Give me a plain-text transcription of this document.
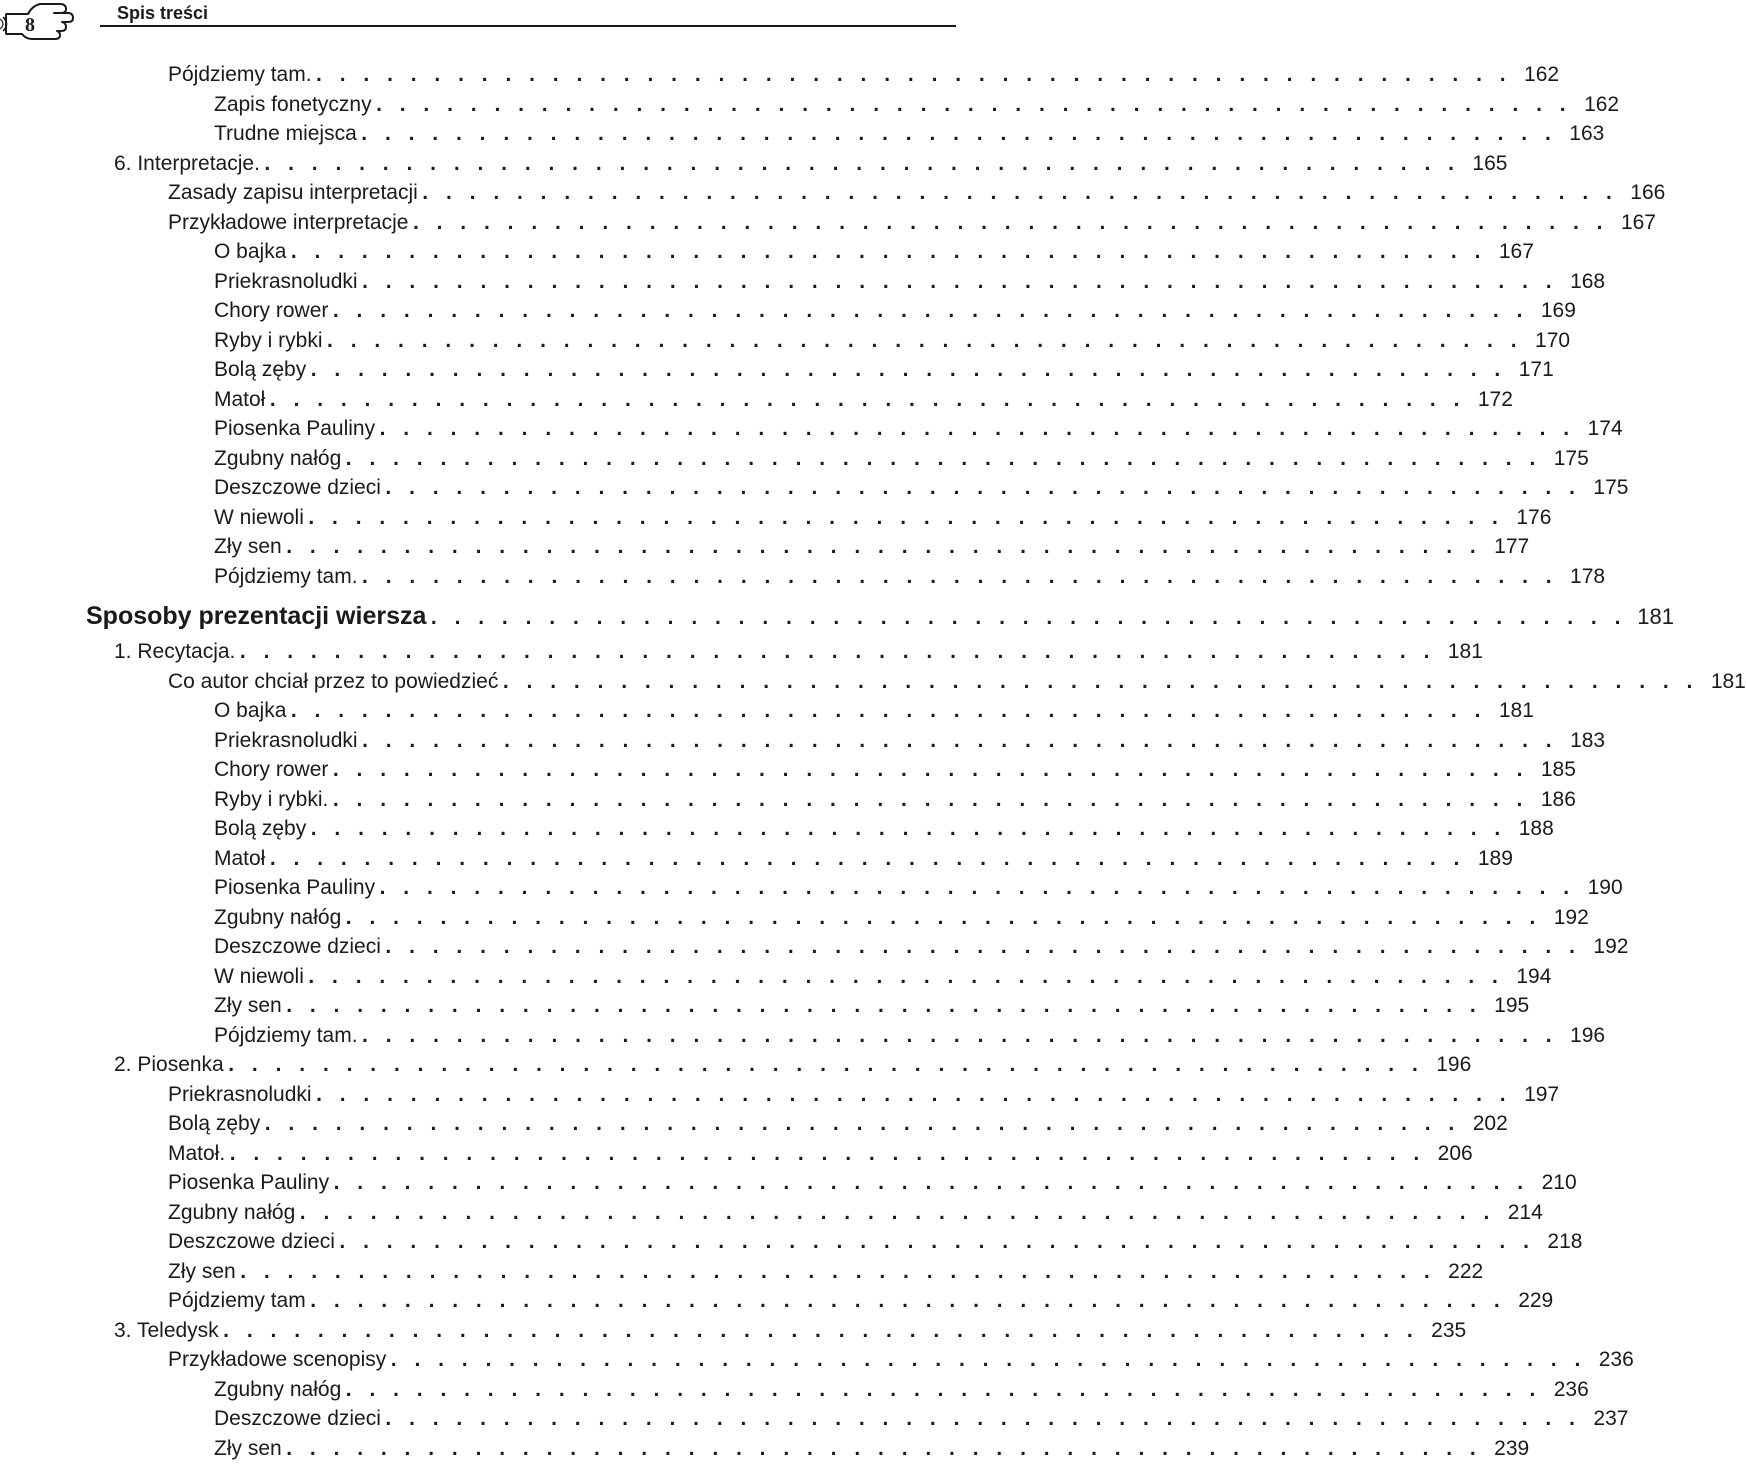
8
Spis treści
Pójdziemy tam. . . . . . . . . . . . . . . . . . . . . . . . . . . . . . . . . . . . . . . . . . . . . . . . . . . . 162
Zapis fonetyczny . . . . . . . . . . . . . . . . . . . . . . . . . . . . . . . . . . . . . . . . . . . . . . . . . . . 162
Trudne miejsca . . . . . . . . . . . . . . . . . . . . . . . . . . . . . . . . . . . . . . . . . . . . . . . . . . . 163
6. Interpretacje. . . . . . . . . . . . . . . . . . . . . . . . . . . . . . . . . . . . . . . . . . . . . . . . . . . . 165
Zasady zapisu interpretacji . . . . . . . . . . . . . . . . . . . . . . . . . . . . . . . . . . . . . . . . . . . . . . . . . . . 166
Przykładowe interpretacje . . . . . . . . . . . . . . . . . . . . . . . . . . . . . . . . . . . . . . . . . . . . . . . . . . . 167
O bajka . . . . . . . . . . . . . . . . . . . . . . . . . . . . . . . . . . . . . . . . . . . . . . . . . . . 167
Priekrasnoludki . . . . . . . . . . . . . . . . . . . . . . . . . . . . . . . . . . . . . . . . . . . . . . . . . . . 168
Chory rower . . . . . . . . . . . . . . . . . . . . . . . . . . . . . . . . . . . . . . . . . . . . . . . . . . . 169
Ryby i rybki . . . . . . . . . . . . . . . . . . . . . . . . . . . . . . . . . . . . . . . . . . . . . . . . . . . 170
Bolą zęby . . . . . . . . . . . . . . . . . . . . . . . . . . . . . . . . . . . . . . . . . . . . . . . . . . . 171
Matoł . . . . . . . . . . . . . . . . . . . . . . . . . . . . . . . . . . . . . . . . . . . . . . . . . . . 172
Piosenka Pauliny . . . . . . . . . . . . . . . . . . . . . . . . . . . . . . . . . . . . . . . . . . . . . . . . . . . 174
Zgubny nałóg . . . . . . . . . . . . . . . . . . . . . . . . . . . . . . . . . . . . . . . . . . . . . . . . . . . 175
Deszczowe dzieci . . . . . . . . . . . . . . . . . . . . . . . . . . . . . . . . . . . . . . . . . . . . . . . . . . . 175
W niewoli . . . . . . . . . . . . . . . . . . . . . . . . . . . . . . . . . . . . . . . . . . . . . . . . . . . 176
Zły sen . . . . . . . . . . . . . . . . . . . . . . . . . . . . . . . . . . . . . . . . . . . . . . . . . . . 177
Pójdziemy tam. . . . . . . . . . . . . . . . . . . . . . . . . . . . . . . . . . . . . . . . . . . . . . . . . . . . 178
Sposoby prezentacji wiersza . . . . . . . . . . . . . . . . . . . . . . . . . . . . . . . . . . . . . . . . . . . . . . . . . . . 181
1. Recytacja. . . . . . . . . . . . . . . . . . . . . . . . . . . . . . . . . . . . . . . . . . . . . . . . . . . . 181
Co autor chciał przez to powiedzieć . . . . . . . . . . . . . . . . . . . . . . . . . . . . . . . . . . . . . . . . . . . . . . . . . . . 181
O bajka . . . . . . . . . . . . . . . . . . . . . . . . . . . . . . . . . . . . . . . . . . . . . . . . . . . 181
Priekrasnoludki . . . . . . . . . . . . . . . . . . . . . . . . . . . . . . . . . . . . . . . . . . . . . . . . . . . 183
Chory rower . . . . . . . . . . . . . . . . . . . . . . . . . . . . . . . . . . . . . . . . . . . . . . . . . . . 185
Ryby i rybki. . . . . . . . . . . . . . . . . . . . . . . . . . . . . . . . . . . . . . . . . . . . . . . . . . . . 186
Bolą zęby . . . . . . . . . . . . . . . . . . . . . . . . . . . . . . . . . . . . . . . . . . . . . . . . . . . 188
Matoł . . . . . . . . . . . . . . . . . . . . . . . . . . . . . . . . . . . . . . . . . . . . . . . . . . . 189
Piosenka Pauliny . . . . . . . . . . . . . . . . . . . . . . . . . . . . . . . . . . . . . . . . . . . . . . . . . . . 190
Zgubny nałóg . . . . . . . . . . . . . . . . . . . . . . . . . . . . . . . . . . . . . . . . . . . . . . . . . . . 192
Deszczowe dzieci . . . . . . . . . . . . . . . . . . . . . . . . . . . . . . . . . . . . . . . . . . . . . . . . . . . 192
W niewoli . . . . . . . . . . . . . . . . . . . . . . . . . . . . . . . . . . . . . . . . . . . . . . . . . . . 194
Zły sen . . . . . . . . . . . . . . . . . . . . . . . . . . . . . . . . . . . . . . . . . . . . . . . . . . . 195
Pójdziemy tam. . . . . . . . . . . . . . . . . . . . . . . . . . . . . . . . . . . . . . . . . . . . . . . . . . . . 196
2. Piosenka . . . . . . . . . . . . . . . . . . . . . . . . . . . . . . . . . . . . . . . . . . . . . . . . . . . 196
Priekrasnoludki . . . . . . . . . . . . . . . . . . . . . . . . . . . . . . . . . . . . . . . . . . . . . . . . . . . 197
Bolą zęby . . . . . . . . . . . . . . . . . . . . . . . . . . . . . . . . . . . . . . . . . . . . . . . . . . . 202
Matoł. . . . . . . . . . . . . . . . . . . . . . . . . . . . . . . . . . . . . . . . . . . . . . . . . . . . 206
Piosenka Pauliny . . . . . . . . . . . . . . . . . . . . . . . . . . . . . . . . . . . . . . . . . . . . . . . . . . . 210
Zgubny nałóg . . . . . . . . . . . . . . . . . . . . . . . . . . . . . . . . . . . . . . . . . . . . . . . . . . . 214
Deszczowe dzieci . . . . . . . . . . . . . . . . . . . . . . . . . . . . . . . . . . . . . . . . . . . . . . . . . . . 218
Zły sen . . . . . . . . . . . . . . . . . . . . . . . . . . . . . . . . . . . . . . . . . . . . . . . . . . . 222
Pójdziemy tam . . . . . . . . . . . . . . . . . . . . . . . . . . . . . . . . . . . . . . . . . . . . . . . . . . . 229
3. Teledysk . . . . . . . . . . . . . . . . . . . . . . . . . . . . . . . . . . . . . . . . . . . . . . . . . . . 235
Przykładowe scenopisy . . . . . . . . . . . . . . . . . . . . . . . . . . . . . . . . . . . . . . . . . . . . . . . . . . . 236
Zgubny nałóg . . . . . . . . . . . . . . . . . . . . . . . . . . . . . . . . . . . . . . . . . . . . . . . . . . . 236
Deszczowe dzieci . . . . . . . . . . . . . . . . . . . . . . . . . . . . . . . . . . . . . . . . . . . . . . . . . . . 237
Zły sen . . . . . . . . . . . . . . . . . . . . . . . . . . . . . . . . . . . . . . . . . . . . . . . . . . . 239
